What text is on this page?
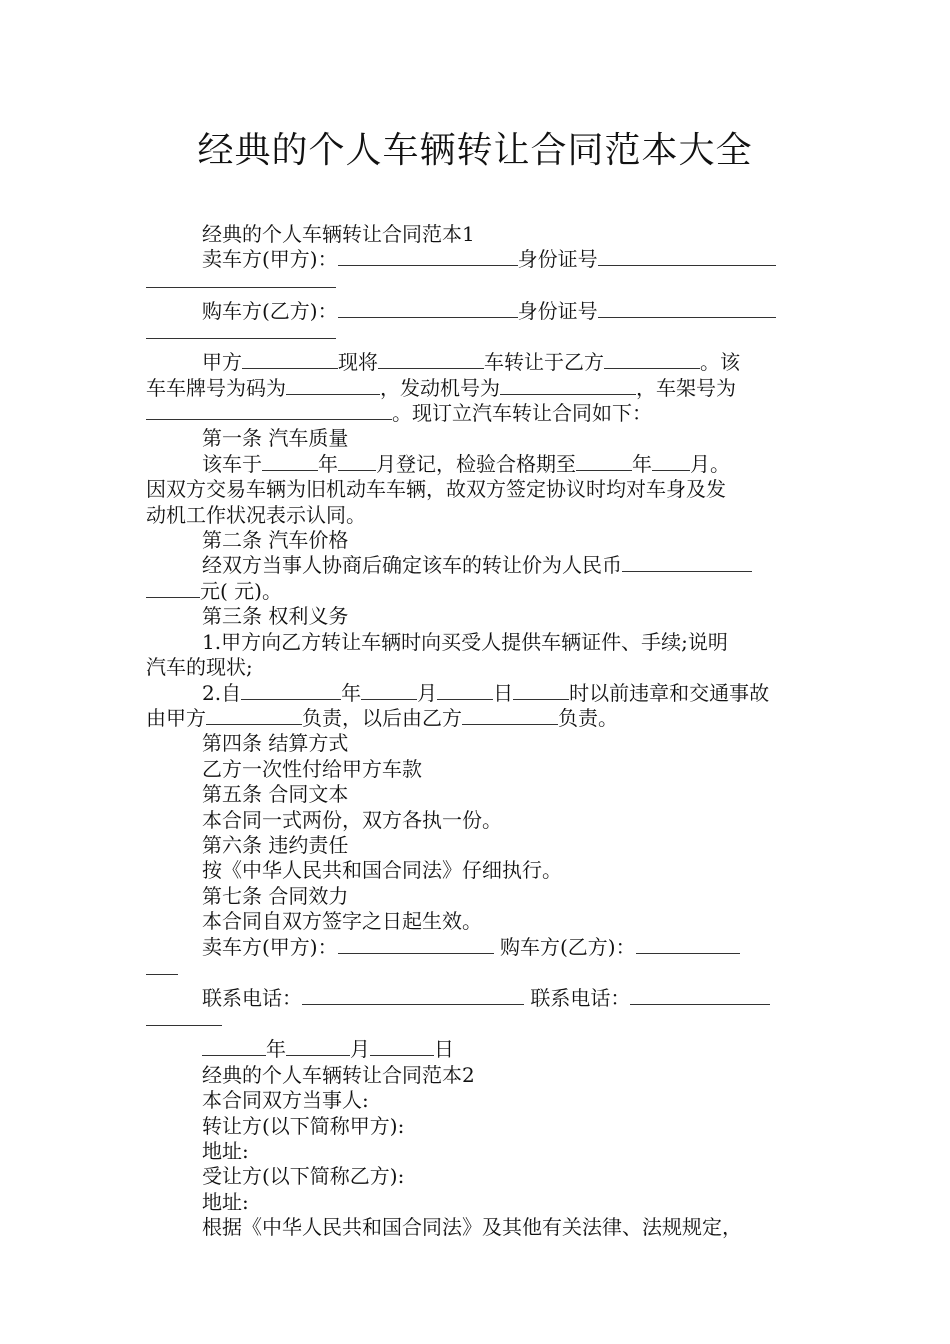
经典的个人车辆转让合同范本大全

经典的个人车辆转让合同范本1

卖车方(甲方)：	身份证号

购车方(乙方)：	身份证号

甲方	现将	车转让于乙方	。该

车车牌号为码为	，发动机号为	，车架号为

。现订立汽车转让合同如下：

第一条 汽车质量

该车于	年 月登记，检验合格期至	年 月。

因双方交易车辆为旧机动车车辆，故双方签定协议时均对车身及发

动机工作状况表示认同。

第二条 汽车价格

经双方当事人协商后确定该车的转让价为人民币

元( 元)。

第三条 权利义务

1.甲方向乙方转让车辆时向买受人提供车辆证件、手续;说明

汽车的现状;

2.自	年	月	日	时以前违章和交通事故

由甲方	负责，以后由乙方	负责。

第四条 结算方式

乙方一次性付给甲方车款

第五条 合同文本

本合同一式两份，双方各执一份。

第六条 违约责任

按《中华人民共和国合同法》仔细执行。

第七条 合同效力

本合同自双方签字之日起生效。

卖车方(甲方)：	购车方(乙方)：

联系电话：	联系电话：

年	月	日

经典的个人车辆转让合同范本2

本合同双方当事人:

转让方(以下简称甲方):

地址:

受让方(以下简称乙方):

地址:

根据《中华人民共和国合同法》及其他有关法律、法规规定，
